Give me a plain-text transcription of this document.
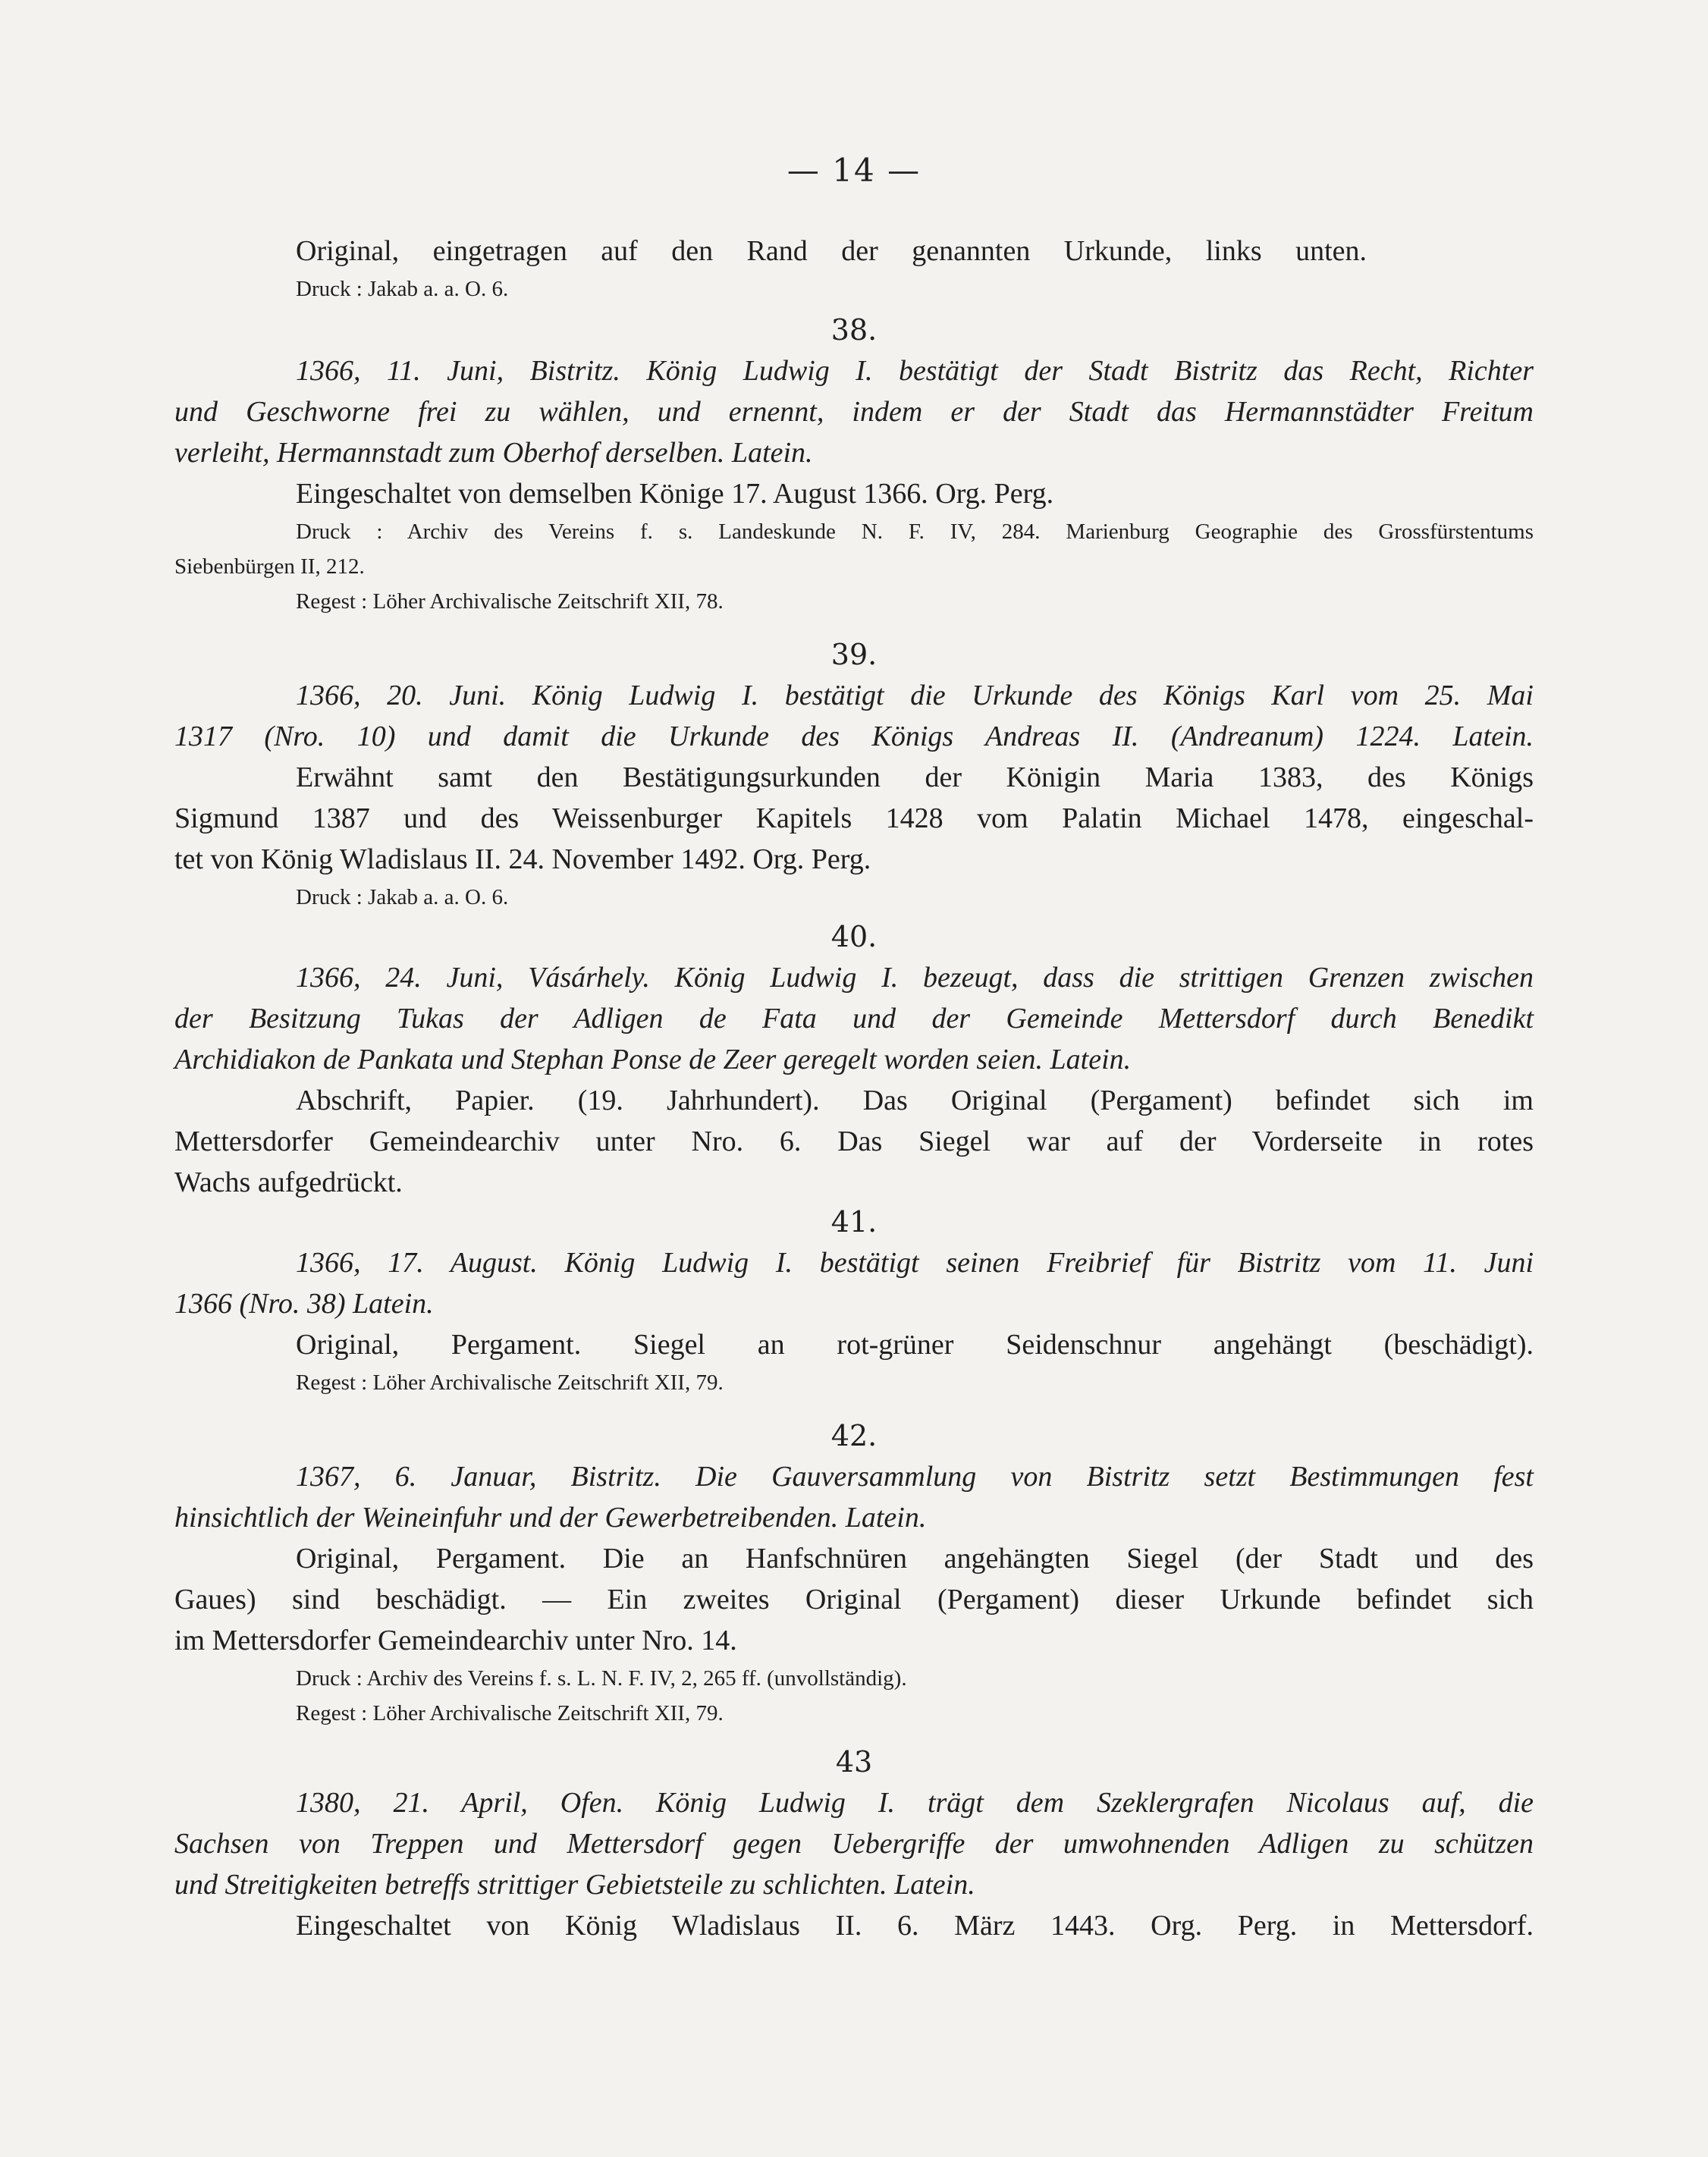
— 14 —
Original, eingetragen auf den Rand der genannten Urkunde, links unten.
Druck : Jakab a. a. O. 6.
38.
1366, 11. Juni, Bistritz. König Ludwig I. bestätigt der Stadt Bistritz das Recht, Richter
und Geschworne frei zu wählen, und ernennt, indem er der Stadt das Hermannstädter Freitum
verleiht, Hermannstadt zum Oberhof derselben. Latein.
Eingeschaltet von demselben Könige 17. August 1366. Org. Perg.
Druck : Archiv des Vereins f. s. Landeskunde N. F. IV, 284. Marienburg Geographie des Grossfürstentums
Siebenbürgen II, 212.
Regest : Löher Archivalische Zeitschrift XII, 78.
39.
1366, 20. Juni. König Ludwig I. bestätigt die Urkunde des Königs Karl vom 25. Mai
1317 (Nro. 10) und damit die Urkunde des Königs Andreas II. (Andreanum) 1224. Latein.
Erwähnt samt den Bestätigungsurkunden der Königin Maria 1383, des Königs
Sigmund 1387 und des Weissenburger Kapitels 1428 vom Palatin Michael 1478, eingeschal-
tet von König Wladislaus II. 24. November 1492. Org. Perg.
Druck : Jakab a. a. O. 6.
40.
1366, 24. Juni, Vásárhely. König Ludwig I. bezeugt, dass die strittigen Grenzen zwischen
der Besitzung Tukas der Adligen de Fata und der Gemeinde Mettersdorf durch Benedikt
Archidiakon de Pankata und Stephan Ponse de Zeer geregelt worden seien. Latein.
Abschrift, Papier. (19. Jahrhundert). Das Original (Pergament) befindet sich im
Mettersdorfer Gemeindearchiv unter Nro. 6. Das Siegel war auf der Vorderseite in rotes
Wachs aufgedrückt.
41.
1366, 17. August. König Ludwig I. bestätigt seinen Freibrief für Bistritz vom 11. Juni
1366 (Nro. 38) Latein.
Original, Pergament. Siegel an rot-grüner Seidenschnur angehängt (beschädigt).
Regest : Löher Archivalische Zeitschrift XII, 79.
42.
1367, 6. Januar, Bistritz. Die Gauversammlung von Bistritz setzt Bestimmungen fest
hinsichtlich der Weineinfuhr und der Gewerbetreibenden. Latein.
Original, Pergament. Die an Hanfschnüren angehängten Siegel (der Stadt und des
Gaues) sind beschädigt. — Ein zweites Original (Pergament) dieser Urkunde befindet sich
im Mettersdorfer Gemeindearchiv unter Nro. 14.
Druck : Archiv des Vereins f. s. L. N. F. IV, 2, 265 ff. (unvollständig).
Regest : Löher Archivalische Zeitschrift XII, 79.
43
1380, 21. April, Ofen. König Ludwig I. trägt dem Szeklergrafen Nicolaus auf, die
Sachsen von Treppen und Mettersdorf gegen Uebergriffe der umwohnenden Adligen zu schützen
und Streitigkeiten betreffs strittiger Gebietsteile zu schlichten. Latein.
Eingeschaltet von König Wladislaus II. 6. März 1443. Org. Perg. in Mettersdorf.
